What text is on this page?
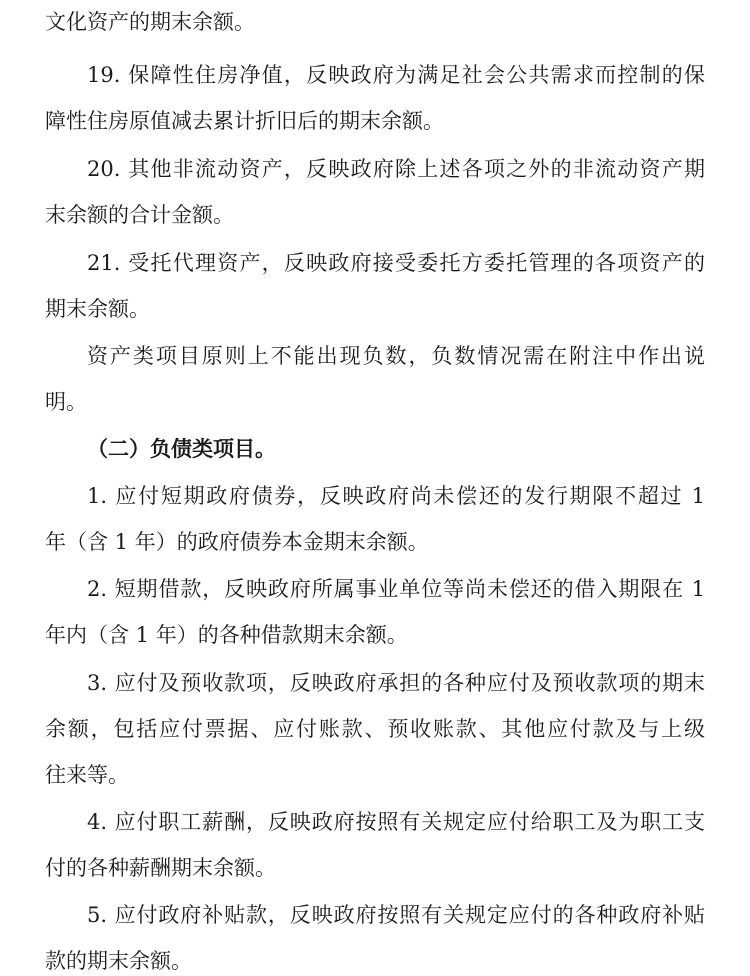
文化资产的期末余额。
19. 保障性住房净值，反映政府为满足社会公共需求而控制的保
障性住房原值减去累计折旧后的期末余额。
20. 其他非流动资产，反映政府除上述各项之外的非流动资产期
末余额的合计金额。
21. 受托代理资产，反映政府接受委托方委托管理的各项资产的
期末余额。
资产类项目原则上不能出现负数，负数情况需在附注中作出说
明。
（二）负债类项目。
1. 应付短期政府债券，反映政府尚未偿还的发行期限不超过 1
年（含 1 年）的政府债券本金期末余额。
2. 短期借款，反映政府所属事业单位等尚未偿还的借入期限在 1
年内（含 1 年）的各种借款期末余额。
3. 应付及预收款项，反映政府承担的各种应付及预收款项的期末
余额，包括应付票据、应付账款、预收账款、其他应付款及与上级
往来等。
4. 应付职工薪酬，反映政府按照有关规定应付给职工及为职工支
付的各种薪酬期末余额。
5. 应付政府补贴款，反映政府按照有关规定应付的各种政府补贴
款的期末余额。
